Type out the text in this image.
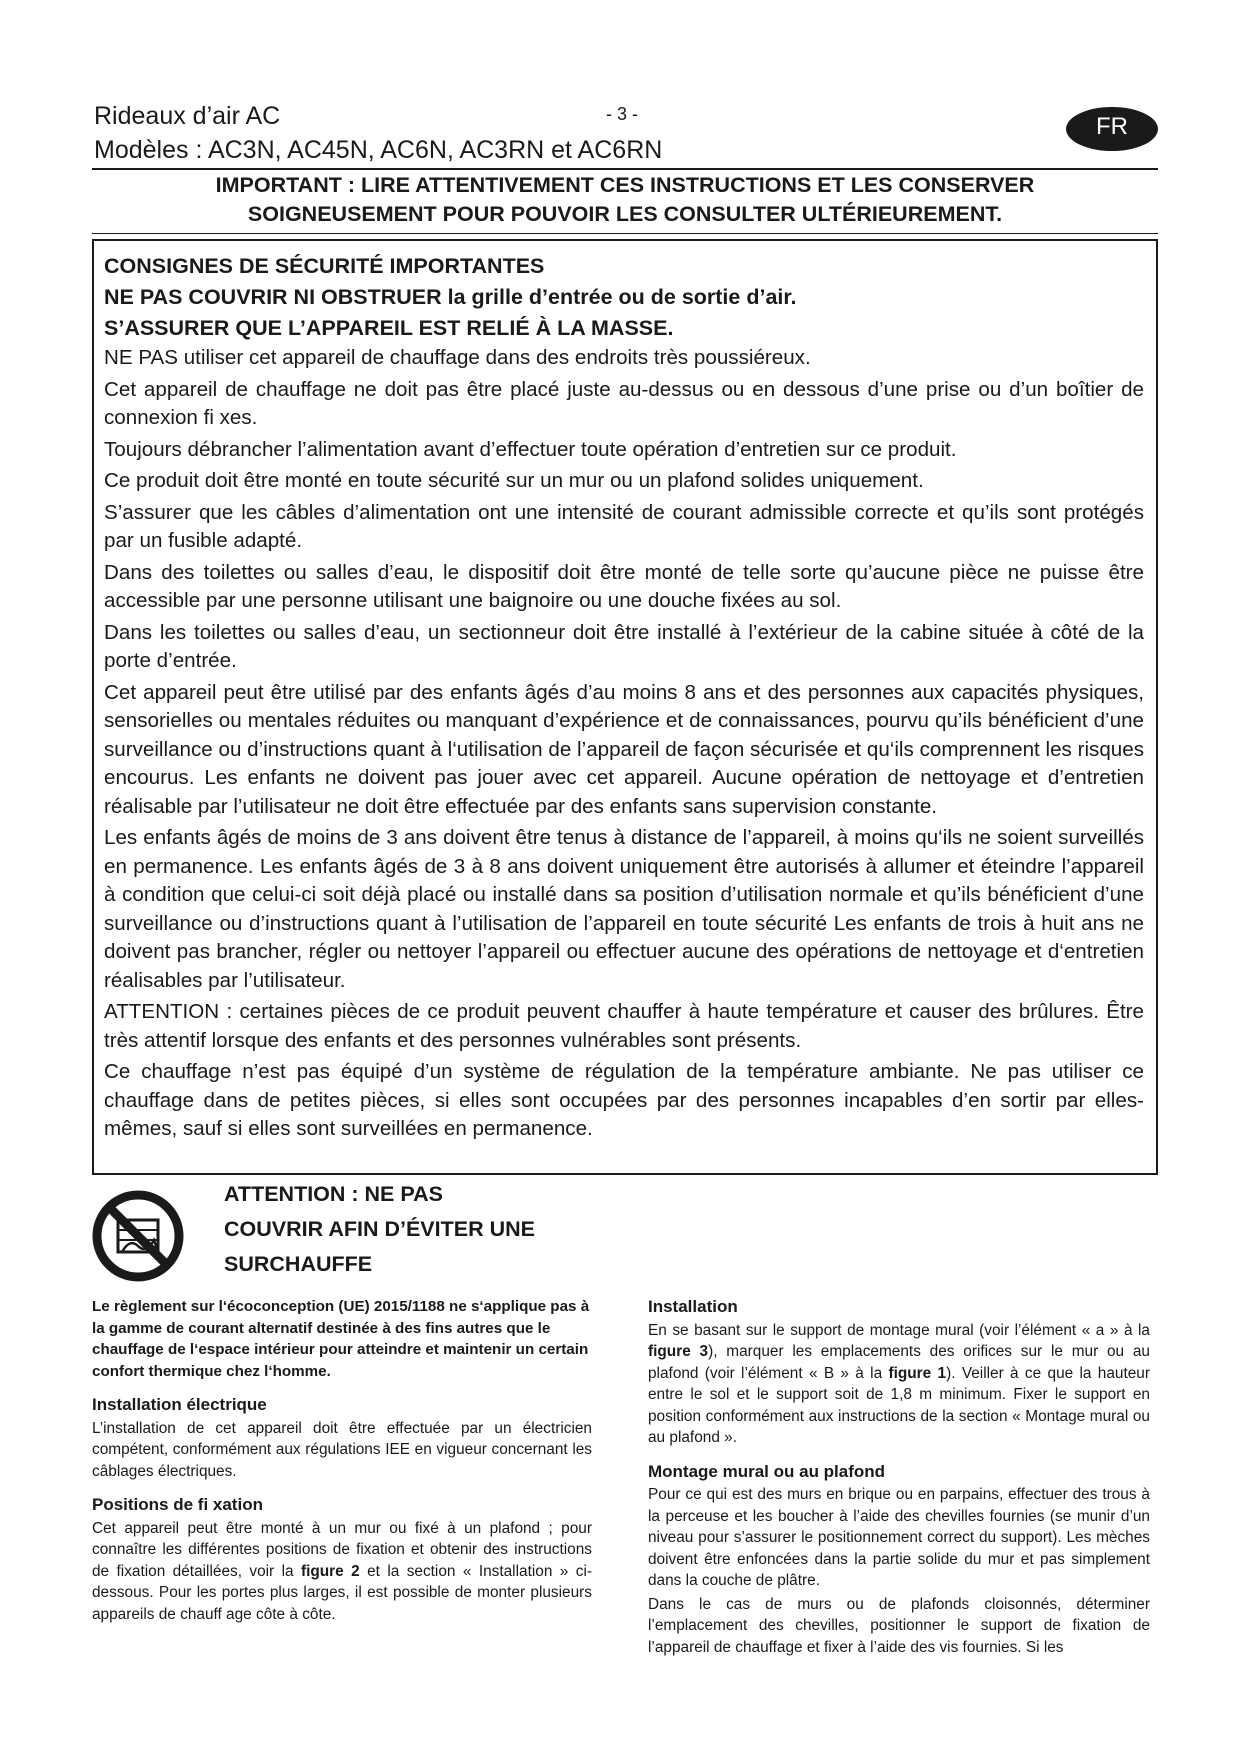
Rideaux d’air AC
Modèles : AC3N, AC45N, AC6N, AC3RN et AC6RN
- 3 -	FR
IMPORTANT : LIRE ATTENTIVEMENT CES INSTRUCTIONS ET LES CONSERVER
SOIGNEUSEMENT POUR POUVOIR LES CONSULTER ULTÉRIEUREMENT.
CONSIGNES DE SÉCURITÉ IMPORTANTES
NE PAS COUVRIR NI OBSTRUER la grille d’entrée ou de sortie d’air.
S’ASSURER QUE L’APPAREIL EST RELIÉ À LA MASSE.

NE PAS utiliser cet appareil de chauffage dans des endroits très poussiéreux.

Cet appareil de chauffage ne doit pas être placé juste au-dessus ou en dessous d’une prise ou d’un boîtier de connexion fi xes.

Toujours débrancher l’alimentation avant d’effectuer toute opération d’entretien sur ce produit.

Ce produit doit être monté en toute sécurité sur un mur ou un plafond solides uniquement.

S’assurer que les câbles d’alimentation ont une intensité de courant admissible correcte et qu’ils sont protégés par un fusible adapté.

Dans des toilettes ou salles d’eau, le dispositif doit être monté de telle sorte qu’aucune pièce ne puisse être accessible par une personne utilisant une baignoire ou une douche fixées au sol.

Dans les toilettes ou salles d’eau, un sectionneur doit être installé à l’extérieur de la cabine située à côté de la porte d’entrée.

Cet appareil peut être utilisé par des enfants âgés d’au moins 8 ans et des personnes aux capacités physiques, sensorielles ou mentales réduites ou manquant d’expérience et de connaissances, pourvu qu’ils bénéficient d’une surveillance ou d’instructions quant à l‘utilisation de l’appareil de façon sécurisée et qu‘ils comprennent les risques encourus. Les enfants ne doivent pas jouer avec cet appareil. Aucune opération de nettoyage et d’entretien réalisable par l’utilisateur ne doit être effectuée par des enfants sans supervision constante.

Les enfants âgés de moins de 3 ans doivent être tenus à distance de l’appareil, à moins qu‘ils ne soient surveillés en permanence. Les enfants âgés de 3 à 8 ans doivent uniquement être autorisés à allumer et éteindre l’appareil à condition que celui-ci soit déjà placé ou installé dans sa position d’utilisation normale et qu’ils bénéficient d’une surveillance ou d’instructions quant à l’utilisation de l’appareil en toute sécurité Les enfants de trois à huit ans ne doivent pas brancher, régler ou nettoyer l’appareil ou effectuer aucune des opérations de nettoyage et d‘entretien réalisables par l’utilisateur.

ATTENTION : certaines pièces de ce produit peuvent chauffer à haute température et causer des brûlures. Être très attentif lorsque des enfants et des personnes vulnérables sont présents.

Ce chauffage n’est pas équipé d’un système de régulation de la température ambiante. Ne pas utiliser ce chauffage dans de petites pièces, si elles sont occupées par des personnes incapables d’en sortir par elles-mêmes, sauf si elles sont surveillées en permanence.

ATTENTION : NE PAS
COUVRIR AFIN D’ÉVITER UNE
SURCHAUFFE

Le règlement sur l‘écoconception (UE) 2015/1188 ne s‘applique pas à la gamme de courant alternatif destinée à des fins autres que le chauffage de l‘espace intérieur pour atteindre et maintenir un certain confort thermique chez l‘homme.

Installation électrique

L’installation de cet appareil doit être effectuée par un électricien compétent, conformément aux régulations IEE en vigueur concernant les câblages électriques.

Positions de fi xation

Cet appareil peut être monté à un mur ou fixé à un plafond ; pour connaître les différentes positions de fixation et obtenir des instructions de fixation détaillées, voir la figure 2 et la section « Installation » ci-dessous. Pour les portes plus larges, il est possible de monter plusieurs appareils de chauff age côte à côte.

Installation

En se basant sur le support de montage mural (voir l’élément « a » à la figure 3), marquer les emplacements des orifices sur le mur ou au plafond (voir l’élément « B » à la figure 1). Veiller à ce que la hauteur entre le sol et le support soit de 1,8 m minimum. Fixer le support en position conformément aux instructions de la section « Montage mural ou au plafond ».

Montage mural ou au plafond

Pour ce qui est des murs en brique ou en parpains, effectuer des trous à la perceuse et les boucher à l’aide des chevilles fournies (se munir d’un niveau pour s’assurer le positionnement correct du support). Les mèches doivent être enfoncées dans la partie solide du mur et pas simplement dans la couche de plâtre.

Dans le cas de murs ou de plafonds cloisonnés, déterminer l’emplacement des chevilles, positionner le support de fixation de l’appareil de chauffage et fixer à l’aide des vis fournies. Si les
